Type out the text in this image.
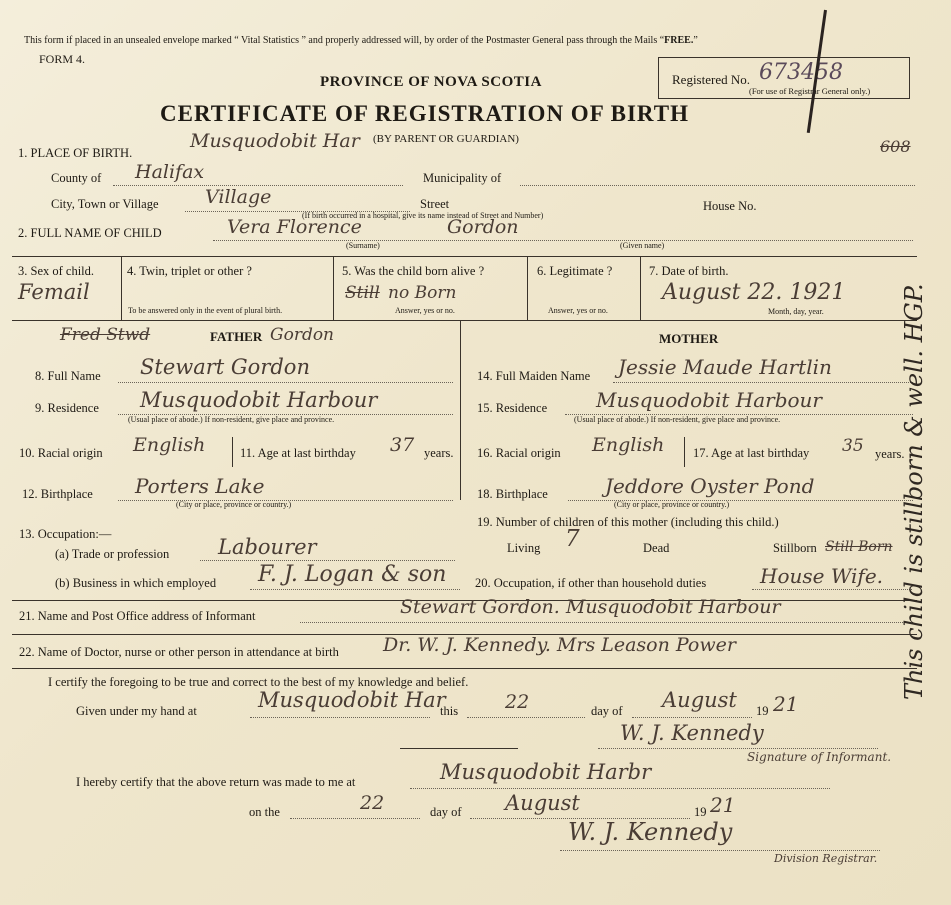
This form if placed in an unsealed envelope marked “ Vital Statistics ” and properly addressed will, by order of the Postmaster General pass through the Mails “FREE.”
FORM 4.
PROVINCE OF NOVA SCOTIA
CERTIFICATE OF REGISTRATION OF BIRTH
(BY PARENT OR GUARDIAN)
Registered No. 673458
(For use of Registrar General only.)
608
1. PLACE OF BIRTH.
Musquodobit Har
County of Halifax	Municipality of
City, Town or Village Village	Street	House No.
(If birth occurred in a hospital, give its name instead of Street and Number)
2. FULL NAME OF CHILD	Vera Florence	Gordon
(Surname)	(Given name)
3. Sex of child.
Femail
4. Twin, triplet or other ?
To be answered only in the event of plural birth.
5. Was the child born alive ?
Still no Born
Answer, yes or no.
6. Legitimate ?
Answer, yes or no.
7. Date of birth.
August 22. 1921
Month, day, year.
Fred Stwd	FATHER Gordon	MOTHER
8. Full Name Stewart Gordon
9. Residence Musquodobit Harbour
(Usual place of abode.) If non-resident, give place and province.
10. Racial origin English	11. Age at last birthday 37 years.
12. Birthplace Porters Lake
(City or place, province or country.)
14. Full Maiden Name Jessie Maude Hartlin
15. Residence Musquodobit Harbour
(Usual place of abode.) If non-resident, give place and province.
16. Racial origin English 17. Age at last birthday 35 years.
18. Birthplace	Jeddore Oyster Pond
(City or place, province or country.)
13. Occupation:—
(a) Trade or profession Labourer
(b) Business in which employed F. J. Logan & son
19. Number of children of this mother (including this child.)
Living 7	Dead	Stillborn Still Born
20. Occupation, if other than household duties	House Wife.
21. Name and Post Office address of Informant	Stewart Gordon. Musquodobit Harbour
22. Name of Doctor, nurse or other person in attendance at birth Dr. W. J. Kennedy. Mrs Leason Power
I certify the foregoing to be true and correct to the best of my knowledge and belief.
Given under my hand at	Musquodobit Har
this 22	day of August 19 21
W. J. Kennedy
Signature of Informant.
I hereby certify that the above return was made to me at	Musquodobit Harbr
on the	22	day of August	19 21
W. J. Kennedy
Division Registrar.
This child is stillborn & well. HGP.
